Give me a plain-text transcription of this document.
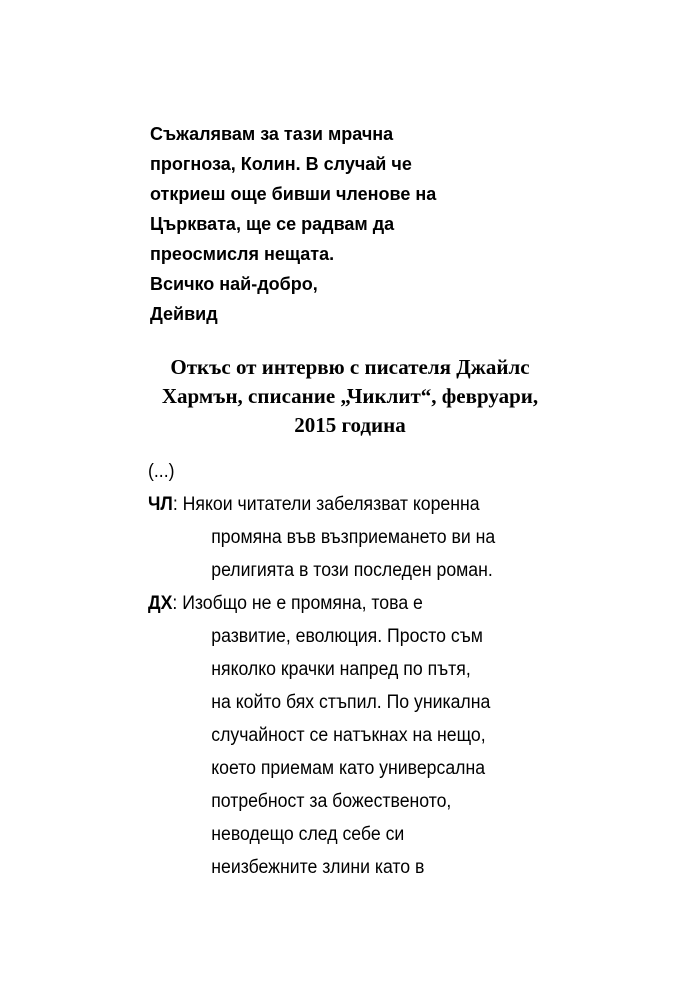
Съжалявам за тази мрачна
прогноза, Колин. В случай че
откриеш още бивши членове на
Църквата, ще се радвам да
преосмисля нещата.
Всичко най-добро,
Дейвид
Откъс от интервю с писателя Джайлс
Хармън, списание „Чиклит“, февруари,
2015 година
(...)
ЧЛ: Някои читатели забелязват коренна
промяна във възприемането ви на
религията в този последен роман.
ДХ: Изобщо не е промяна, това е
развитие, еволюция. Просто съм
няколко крачки напред по пътя,
на който бях стъпил. По уникална
случайност се натъкнах на нещо,
което приемам като универсална
потребност за божественото,
неводещо след себе си
неизбежните злини като в
